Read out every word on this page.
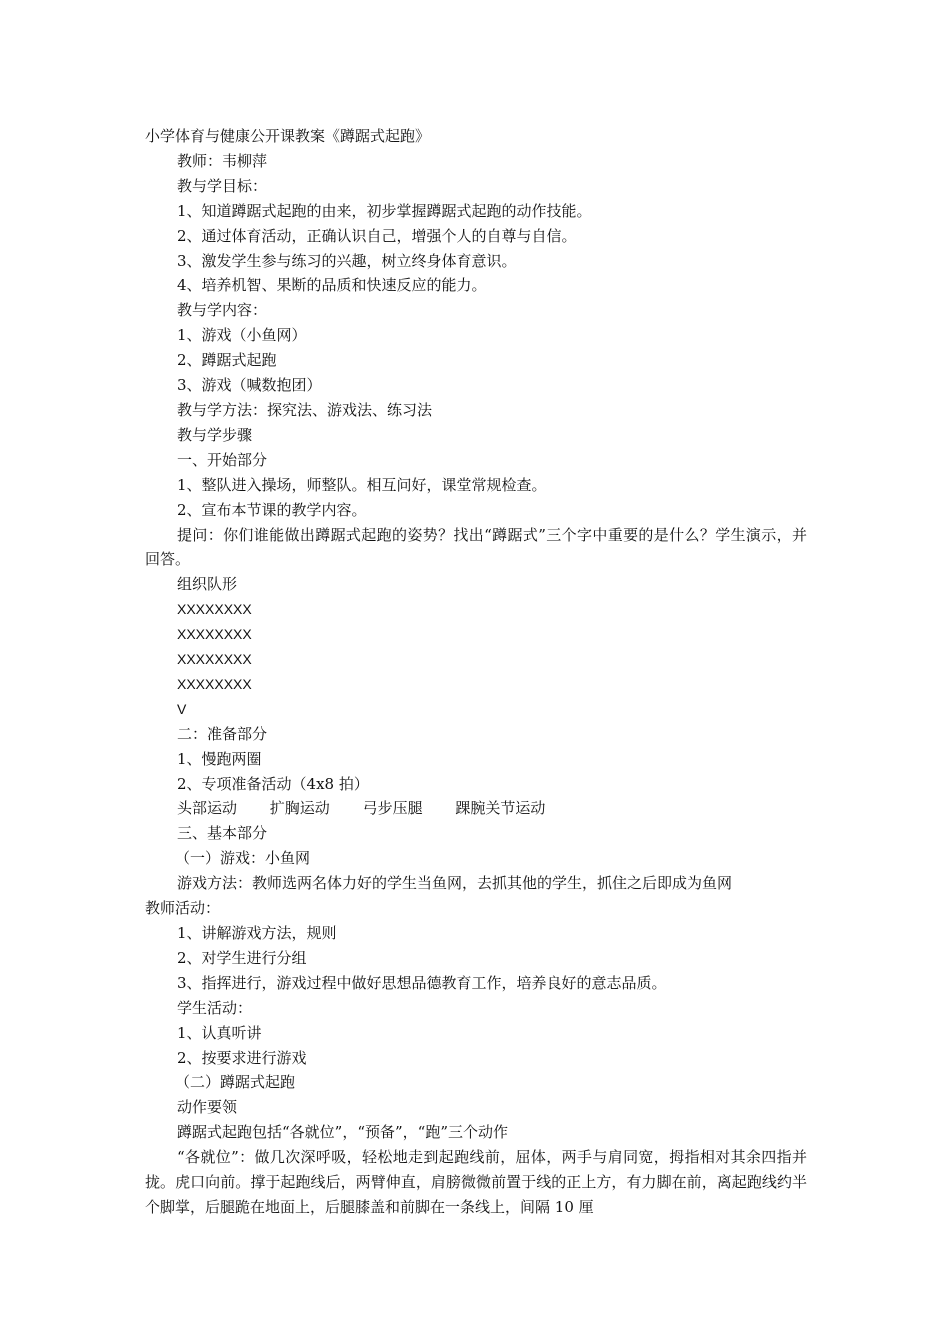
小学体育与健康公开课教案《蹲踞式起跑》

教师：韦柳萍

教与学目标：

1、知道蹲踞式起跑的由来，初步掌握蹲踞式起跑的动作技能。

2、通过体育活动，正确认识自己，增强个人的自尊与自信。

3、激发学生参与练习的兴趣，树立终身体育意识。

4、培养机智、果断的品质和快速反应的能力。

教与学内容：

1、游戏（小鱼网）

2、蹲踞式起跑

3、游戏（喊数抱团）

教与学方法：探究法、游戏法、练习法

教与学步骤

一、开始部分

1、整队进入操场，师整队。相互问好，课堂常规检查。

2、宣布本节课的教学内容。

提问：你们谁能做出蹲踞式起跑的姿势？找出“蹲踞式”三个字中重要的是什么？学生演示，并回答。

组织队形

XXXXXXXX

XXXXXXXX

XXXXXXXX

XXXXXXXX

V

二：准备部分

1、慢跑两圈

2、专项准备活动（4x8 拍）

头部运动 扩胸运动 弓步压腿 踝腕关节运动

三、基本部分

（一）游戏：小鱼网

游戏方法：教师选两名体力好的学生当鱼网，去抓其他的学生，抓住之后即成为鱼网

教师活动：

1、讲解游戏方法，规则

2、对学生进行分组

3、指挥进行，游戏过程中做好思想品德教育工作，培养良好的意志品质。

学生活动：

1、认真听讲

2、按要求进行游戏

（二）蹲踞式起跑

动作要领

蹲踞式起跑包括“各就位”，“预备”，“跑”三个动作

“各就位”：做几次深呼吸，轻松地走到起跑线前，屈体，两手与肩同宽，拇指相对其余四指并拢。虎口向前。撑于起跑线后，两臂伸直，肩膀微微前置于线的正上方，有力脚在前，离起跑线约半个脚掌，后腿跪在地面上，后腿膝盖和前脚在一条线上，间隔 10 厘
